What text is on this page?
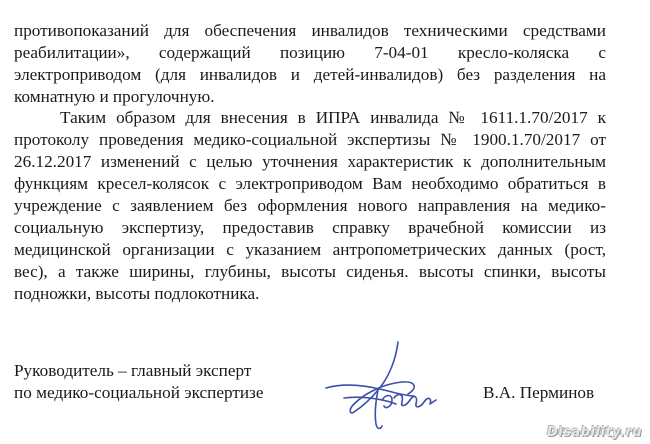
противопоказаний для обеспечения инвалидов техническими средствами
реабилитации», содержащий позицию 7-04-01 кресло-коляска с
электроприводом (для инвалидов и детей-инвалидов) без разделения на
комнатную и прогулочную.
Таким образом для внесения в ИПРА инвалида № 1611.1.70/2017 к
протоколу проведения медико-социальной экспертизы № 1900.1.70/2017 от
26.12.2017 изменений с целью уточнения характеристик к дополнительным
функциям кресел-колясок с электроприводом Вам необходимо обратиться в
учреждение с заявлением без оформления нового направления на медико-
социальную экспертизу, предоставив справку врачебной комиссии из
медицинской организации с указанием антропометрических данных (рост,
вес), а также ширины, глубины, высоты сиденья. высоты спинки, высоты
подножки, высоты подлокотника.
Руководитель – главный эксперт
по медико-социальной экспертизе	В.А. Перминов
Disability.ru
